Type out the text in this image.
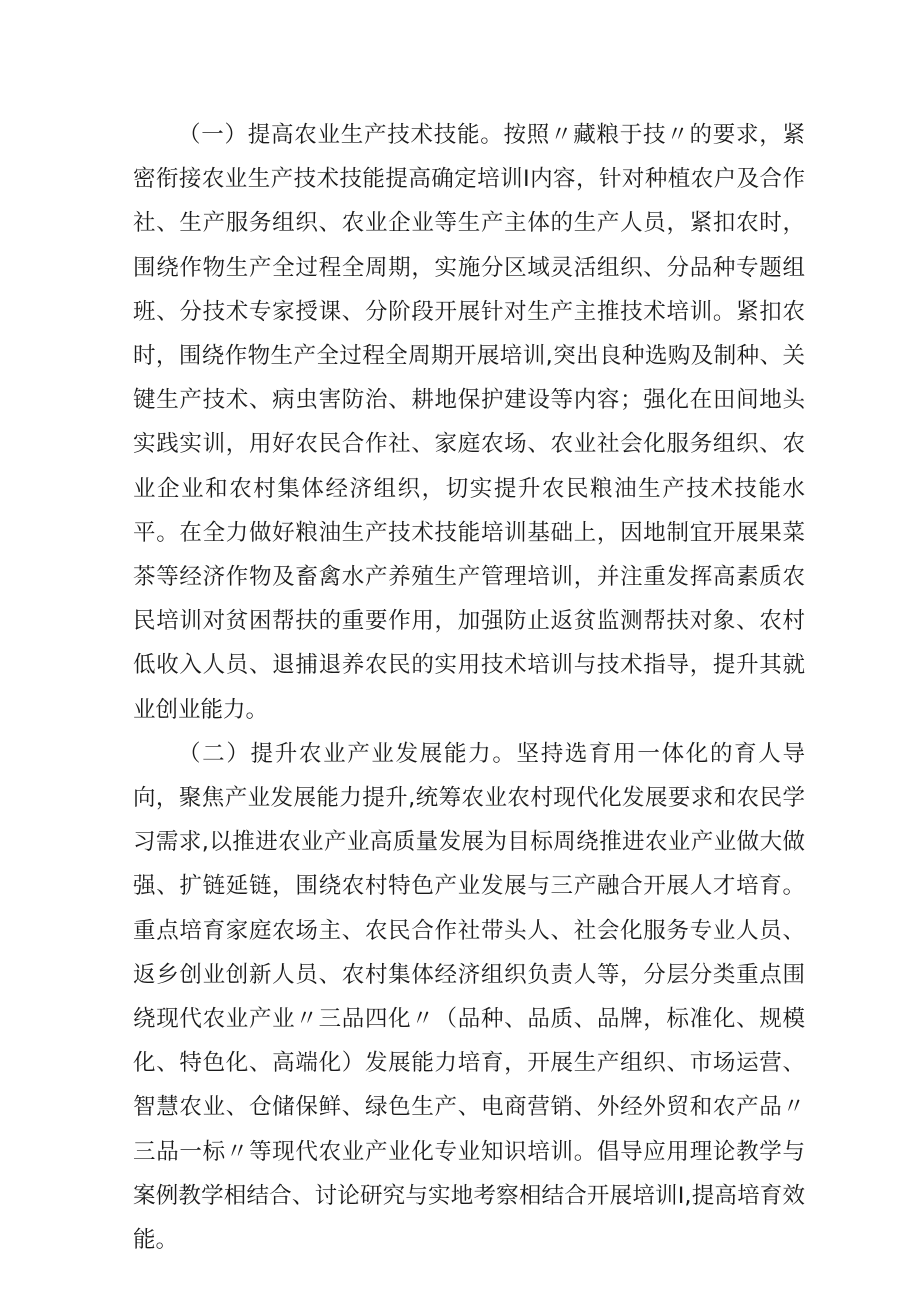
（一）提高农业生产技术技能。按照〃藏粮于技〃的要求，紧密衔接农业生产技术技能提高确定培训I内容，针对种植农户及合作社、生产服务组织、农业企业等生产主体的生产人员，紧扣农时，围绕作物生产全过程全周期，实施分区域灵活组织、分品种专题组班、分技术专家授课、分阶段开展针对生产主推技术培训。紧扣农时，围绕作物生产全过程全周期开展培训,突出良种选购及制种、关键生产技术、病虫害防治、耕地保护建设等内容；强化在田间地头实践实训，用好农民合作社、家庭农场、农业社会化服务组织、农业企业和农村集体经济组织，切实提升农民粮油生产技术技能水平。在全力做好粮油生产技术技能培训基础上，因地制宜开展果菜茶等经济作物及畜禽水产养殖生产管理培训，并注重发挥高素质农民培训对贫困帮扶的重要作用，加强防止返贫监测帮扶对象、农村低收入人员、退捕退养农民的实用技术培训与技术指导，提升其就业创业能力。

（二）提升农业产业发展能力。坚持选育用一体化的育人导向，聚焦产业发展能力提升,统筹农业农村现代化发展要求和农民学习需求,以推进农业产业高质量发展为目标周绕推进农业产业做大做强、扩链延链，围绕农村特色产业发展与三产融合开展人才培育。重点培育家庭农场主、农民合作社带头人、社会化服务专业人员、返乡创业创新人员、农村集体经济组织负责人等，分层分类重点围绕现代农业产业〃三品四化〃（品种、品质、品牌，标准化、规模化、特色化、高端化）发展能力培育，开展生产组织、市场运营、智慧农业、仓储保鲜、绿色生产、电商营销、外经外贸和农产品〃三品一标〃等现代农业产业化专业知识培训。倡导应用理论教学与案例教学相结合、讨论研究与实地考察相结合开展培训I,提高培育效能。
